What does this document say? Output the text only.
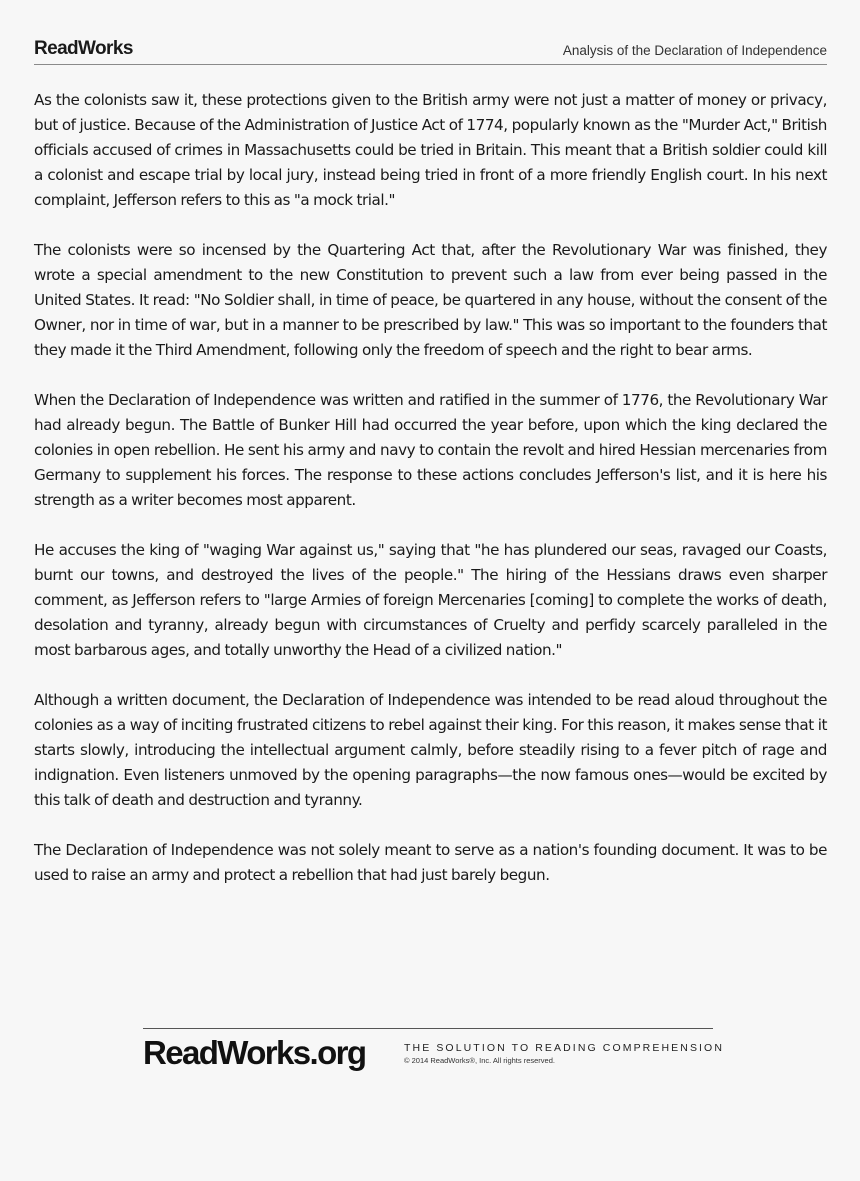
ReadWorks	Analysis of the Declaration of Independence

As the colonists saw it, these protections given to the British army were not just a matter of money or privacy, but of justice. Because of the Administration of Justice Act of 1774, popularly known as the "Murder Act," British officials accused of crimes in Massachusetts could be tried in Britain. This meant that a British soldier could kill a colonist and escape trial by local jury, instead being tried in front of a more friendly English court. In his next complaint, Jefferson refers to this as "a mock trial."

The colonists were so incensed by the Quartering Act that, after the Revolutionary War was finished, they wrote a special amendment to the new Constitution to prevent such a law from ever being passed in the United States. It read: "No Soldier shall, in time of peace, be quartered in any house, without the consent of the Owner, nor in time of war, but in a manner to be prescribed by law." This was so important to the founders that they made it the Third Amendment, following only the freedom of speech and the right to bear arms.

When the Declaration of Independence was written and ratified in the summer of 1776, the Revolutionary War had already begun. The Battle of Bunker Hill had occurred the year before, upon which the king declared the colonies in open rebellion. He sent his army and navy to contain the revolt and hired Hessian mercenaries from Germany to supplement his forces. The response to these actions concludes Jefferson's list, and it is here his strength as a writer becomes most apparent.

He accuses the king of "waging War against us," saying that "he has plundered our seas, ravaged our Coasts, burnt our towns, and destroyed the lives of the people." The hiring of the Hessians draws even sharper comment, as Jefferson refers to "large Armies of foreign Mercenaries [coming] to complete the works of death, desolation and tyranny, already begun with circumstances of Cruelty and perfidy scarcely paralleled in the most barbarous ages, and totally unworthy the Head of a civilized nation."

Although a written document, the Declaration of Independence was intended to be read aloud throughout the colonies as a way of inciting frustrated citizens to rebel against their king. For this reason, it makes sense that it starts slowly, introducing the intellectual argument calmly, before steadily rising to a fever pitch of rage and indignation. Even listeners unmoved by the opening paragraphs—the now famous ones—would be excited by this talk of death and destruction and tyranny.

The Declaration of Independence was not solely meant to serve as a nation's founding document. It was to be used to raise an army and protect a rebellion that had just barely begun.

ReadWorks.org	THE SOLUTION TO READING COMPREHENSION
© 2014 ReadWorks®, Inc. All rights reserved.
